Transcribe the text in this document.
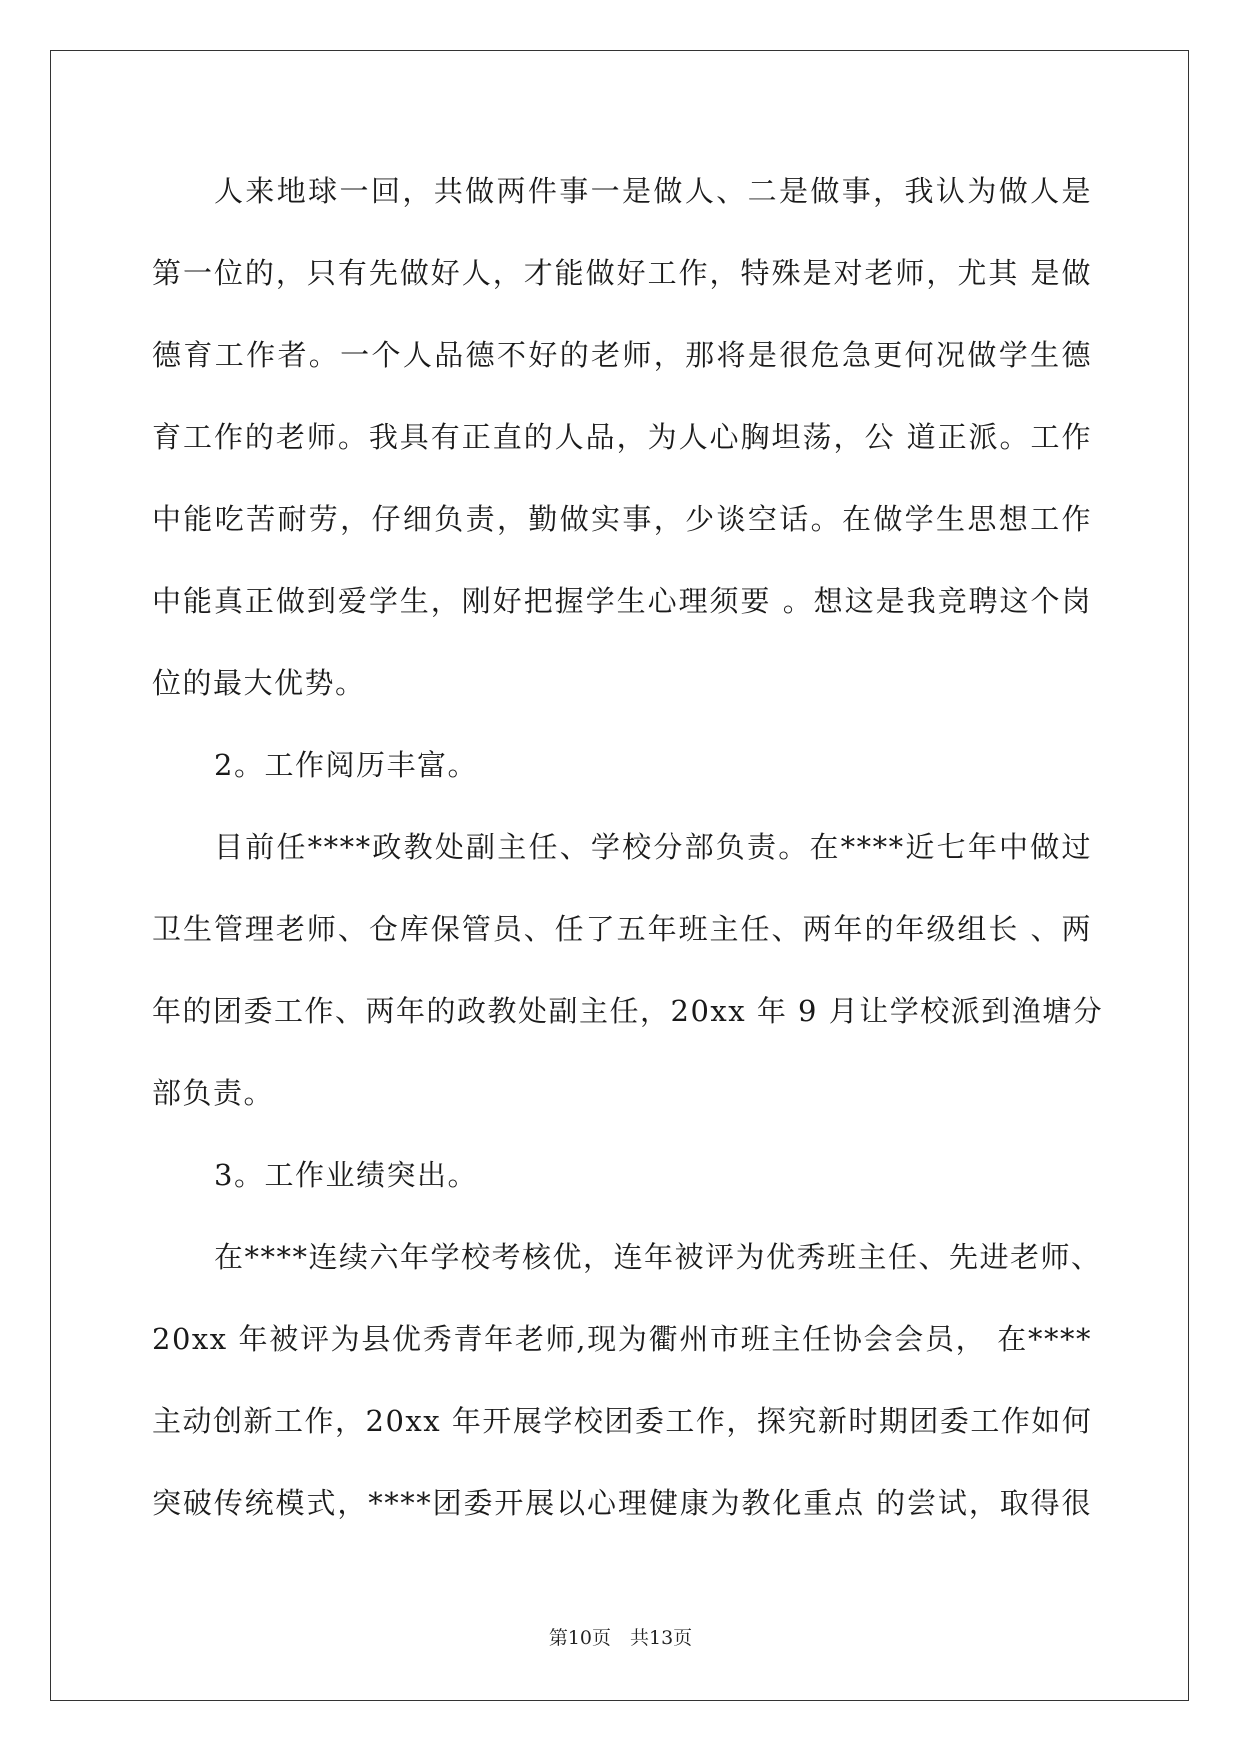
人来地球一回，共做两件事一是做人、二是做事，我认为做人是
第一位的，只有先做好人，才能做好工作，特殊是对老师，尤其 是做
德育工作者。一个人品德不好的老师，那将是很危急更何况做学生德
育工作的老师。我具有正直的人品，为人心胸坦荡，公 道正派。工作
中能吃苦耐劳，仔细负责，勤做实事，少谈空话。在做学生思想工作
中能真正做到爱学生，刚好把握学生心理须要 。想这是我竞聘这个岗
位的最大优势。
2。工作阅历丰富。
目前任****政教处副主任、学校分部负责。在****近七年中做过
卫生管理老师、仓库保管员、任了五年班主任、两年的年级组长 、两
年的团委工作、两年的政教处副主任，20xx 年 9 月让学校派到渔塘分
部负责。
3。工作业绩突出。
在****连续六年学校考核优，连年被评为优秀班主任、先进老师、
20xx 年被评为县优秀青年老师,现为衢州市班主任协会会员， 在****
主动创新工作，20xx 年开展学校团委工作，探究新时期团委工作如何
突破传统模式，****团委开展以心理健康为教化重点 的尝试，取得很
第10页　共13页
